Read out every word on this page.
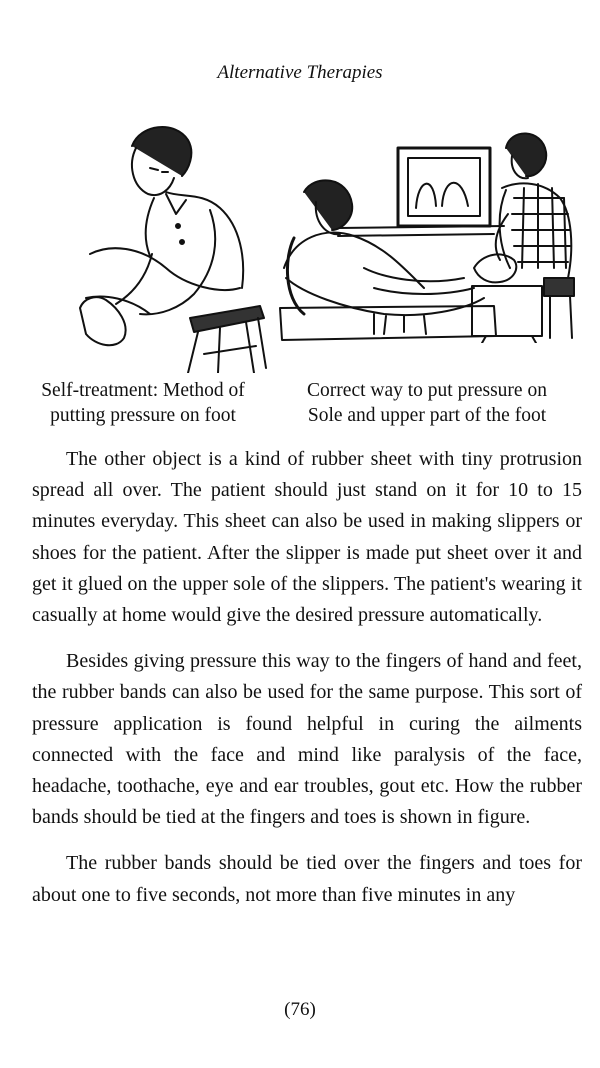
Alternative Therapies
Self-treatment: Method of
putting pressure on foot
Correct way to put pressure on
Sole and upper part of the foot

The other object is a kind of rubber sheet with tiny protrusion spread all over. The patient should just stand on it for 10 to 15 minutes everyday. This sheet can also be used in making slippers or shoes for the patient. After the slipper is made put sheet over it and get it glued on the upper sole of the slippers. The patient's wearing it casually at home would give the desired pressure automatically.

Besides giving pressure this way to the fingers of hand and feet, the rubber bands can also be used for the same purpose. This sort of pressure application is found helpful in curing the ailments connected with the face and mind like paralysis of the face, headache, toothache, eye and ear troubles, gout etc. How the rubber bands should be tied at the fingers and toes is shown in figure.

The rubber bands should be tied over the fingers and toes for about one to five seconds, not more than five minutes in any

(76)
